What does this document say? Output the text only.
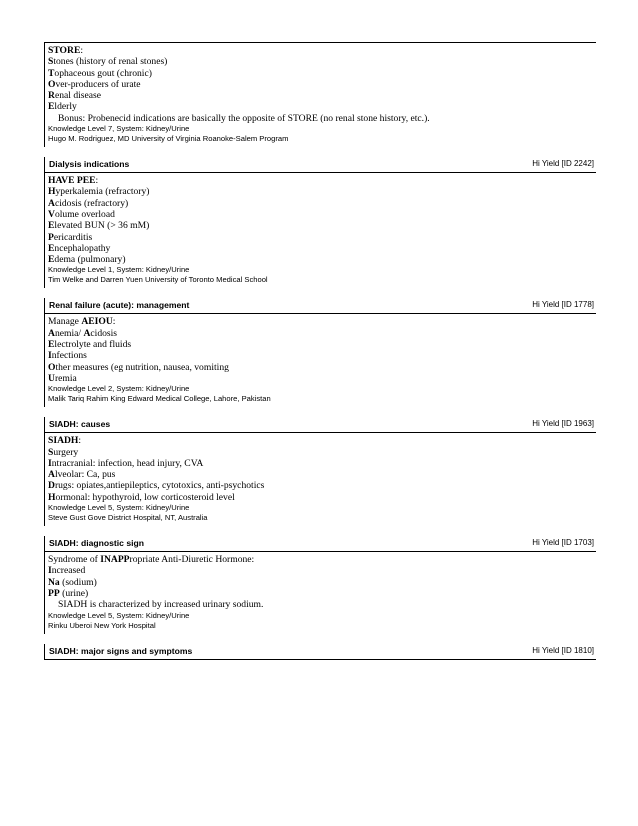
STORE:
Stones (history of renal stones)
Tophaceous gout (chronic)
Over-producers of urate
Renal disease
Elderly
Bonus: Probenecid indications are basically the opposite of STORE (no renal stone history, etc.).
Knowledge Level 7, System: Kidney/Urine
Hugo M. Rodriguez, MD University of Virginia Roanoke-Salem Program
Dialysis indications	Hi Yield [ID 2242]
HAVE PEE:
Hyperkalemia (refractory)
Acidosis (refractory)
Volume overload
Elevated BUN (> 36 mM)
Pericarditis
Encephalopathy
Edema (pulmonary)
Knowledge Level 1, System: Kidney/Urine
Tim Welke and Darren Yuen University of Toronto Medical School
Renal failure (acute): management	Hi Yield [ID 1778]
Manage AEIOU:
Anemia/ Acidosis
Electrolyte and fluids
Infections
Other measures (eg nutrition, nausea, vomiting
Uremia
Knowledge Level 2, System: Kidney/Urine
Malik Tariq Rahim King Edward Medical College, Lahore, Pakistan
SIADH: causes	Hi Yield [ID 1963]
SIADH:
Surgery
Intracranial: infection, head injury, CVA
Alveolar: Ca, pus
Drugs: opiates,antiepileptics, cytotoxics, anti-psychotics
Hormonal: hypothyroid, low corticosteroid level
Knowledge Level 5, System: Kidney/Urine
Steve Gust Gove District Hospital, NT, Australia
SIADH: diagnostic sign	Hi Yield [ID 1703]
Syndrome of INAPPropriate Anti-Diuretic Hormone:
Increased
Na (sodium)
PP (urine)
SIADH is characterized by increased urinary sodium.
Knowledge Level 5, System: Kidney/Urine
Rinku Uberoi New York Hospital
SIADH: major signs and symptoms	Hi Yield [ID 1810]
